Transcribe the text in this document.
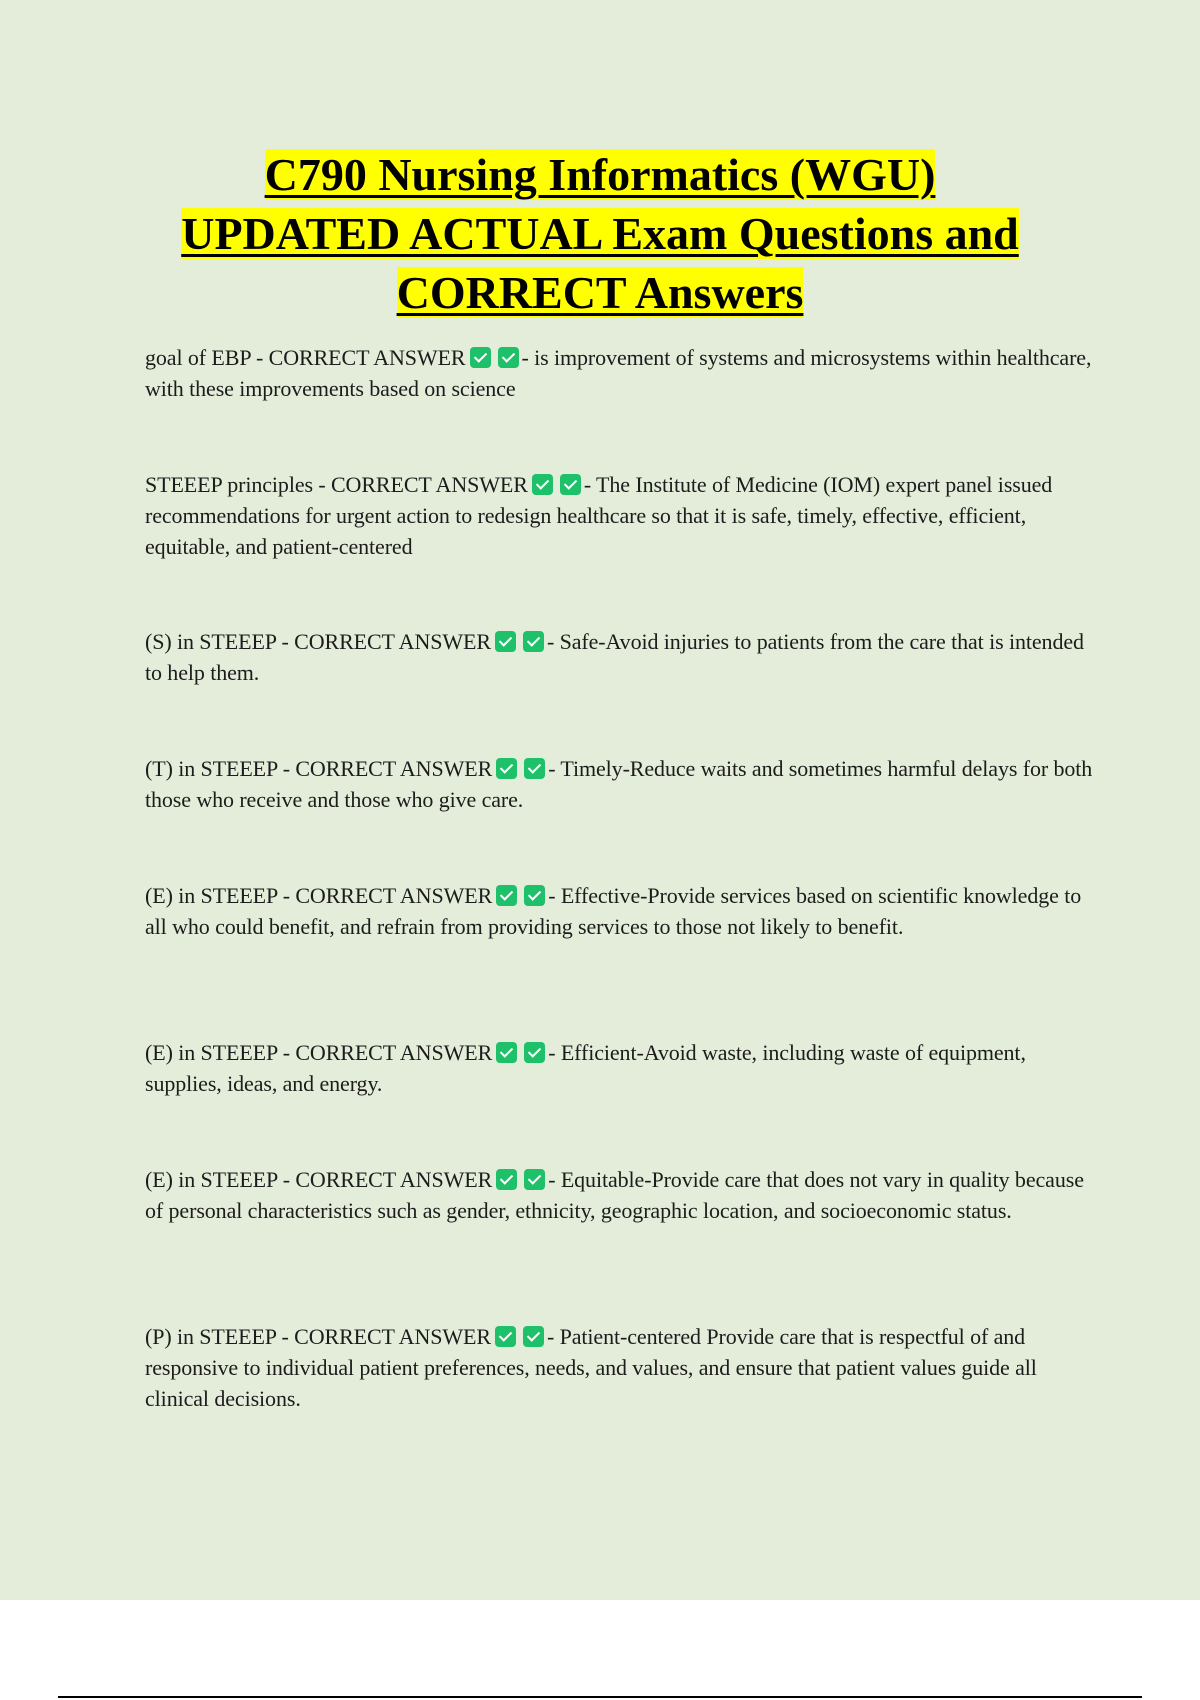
C790 Nursing Informatics (WGU)
UPDATED ACTUAL Exam Questions and
CORRECT Answers
goal of EBP - CORRECT ANSWER	- is improvement of systems and microsystems within healthcare, with these improvements based on science
STEEEP principles - CORRECT ANSWER	- The Institute of Medicine (IOM) expert panel issued recommendations for urgent action to redesign healthcare so that it is safe, timely, effective, efficient, equitable, and patient-centered
(S) in STEEEP - CORRECT ANSWER	- Safe-Avoid injuries to patients from the care that is intended to help them.
(T) in STEEEP - CORRECT ANSWER	- Timely-Reduce waits and sometimes harmful delays for both those who receive and those who give care.
(E) in STEEEP - CORRECT ANSWER	- Effective-Provide services based on scientific knowledge to all who could benefit, and refrain from providing services to those not likely to benefit.
(E) in STEEEP - CORRECT ANSWER	- Efficient-Avoid waste, including waste of equipment, supplies, ideas, and energy.
(E) in STEEEP - CORRECT ANSWER	- Equitable-Provide care that does not vary in quality because of personal characteristics such as gender, ethnicity, geographic location, and socioeconomic status.
(P) in STEEEP - CORRECT ANSWER	- Patient-centered Provide care that is respectful of and responsive to individual patient preferences, needs, and values, and ensure that patient values guide all clinical decisions.
